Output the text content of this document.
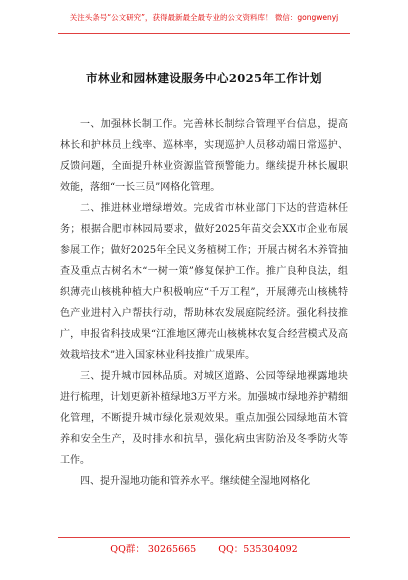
关注头条号“公文研究”，获得最新最全最专业的公文资料库！ 微信：gongwenyj
市林业和园林建设服务中心2025年工作计划

一、加强林长制工作。完善林长制综合管理平台信息，提高林长和护林员上线率、巡林率，实现巡护人员移动端日常巡护、反馈问题，全面提升林业资源监管预警能力。继续提升林长履职效能，落细“一长三员”网格化管理。

二、推进林业增绿增效。完成省市林业部门下达的营造林任务；根据合肥市林园局要求，做好2025年苗交会XX市企业布展参展工作；做好2025年全民义务植树工作；开展古树名木养管抽查及重点古树名木“一树一策”修复保护工作。推广良种良法，组织薄壳山核桃种植大户积极响应“千万工程”，开展薄壳山核桃特色产业进村入户帮扶行动，帮助林农发展庭院经济。强化科技推广，申报省科技成果“江淮地区薄壳山核桃林农复合经营模式及高效栽培技术”进入国家林业科技推广成果库。

三、提升城市园林品质。对城区道路、公园等绿地裸露地块进行梳理，计划更新补植绿地3万平方米。加强城市绿地养护精细化管理，不断提升城市绿化景观效果。重点加强公园绿地苗木管养和安全生产，及时排水和抗旱，强化病虫害防治及冬季防火等工作。

四、提升湿地功能和管养水平。继续健全湿地网格化

QQ群： 30265665 QQ：535304092
